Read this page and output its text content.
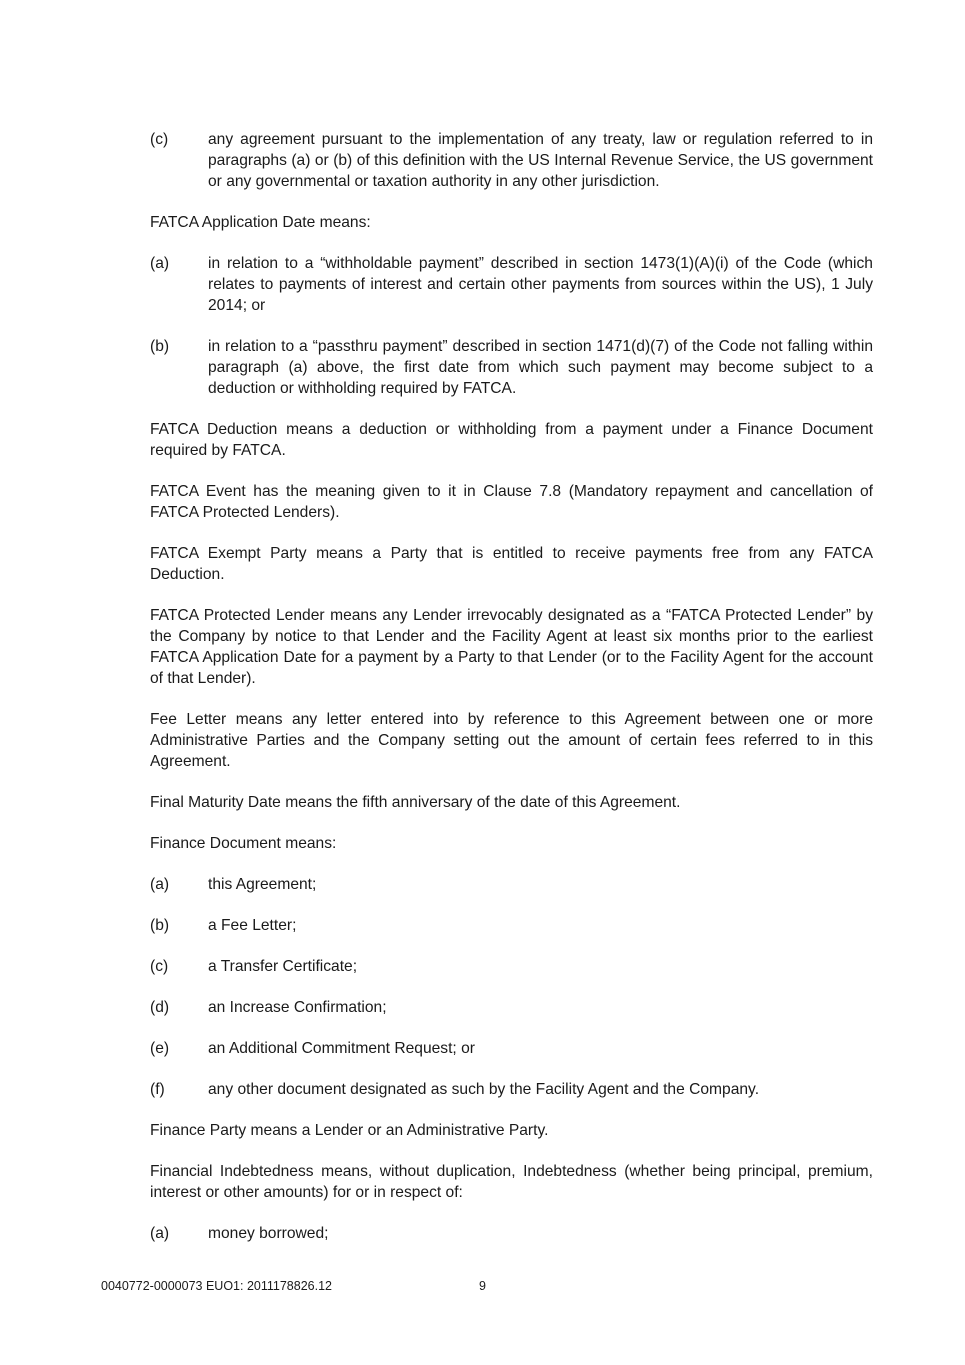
(c)	any agreement pursuant to the implementation of any treaty, law or regulation referred to in paragraphs (a) or (b) of this definition with the US Internal Revenue Service, the US government or any governmental or taxation authority in any other jurisdiction.

FATCA Application Date means:

(a) in relation to a “withholdable payment” described in section 1473(1)(A)(i) of the Code (which relates to payments of interest and certain other payments from sources within the US), 1 July 2014; or
(b) in relation to a “passthru payment” described in section 1471(d)(7) of the Code not falling within paragraph (a) above, the first date from which such payment may become subject to a deduction or withholding required by FATCA.

FATCA Deduction means a deduction or withholding from a payment under a Finance Document required by FATCA.

FATCA Event has the meaning given to it in Clause 7.8 (Mandatory repayment and cancellation of FATCA Protected Lenders).

FATCA Exempt Party means a Party that is entitled to receive payments free from any FATCA Deduction.

FATCA Protected Lender means any Lender irrevocably designated as a “FATCA Protected Lender” by the Company by notice to that Lender and the Facility Agent at least six months prior to the earliest FATCA Application Date for a payment by a Party to that Lender (or to the Facility Agent for the account of that Lender).

Fee Letter means any letter entered into by reference to this Agreement between one or more Administrative Parties and the Company setting out the amount of certain fees referred to in this Agreement.

Final Maturity Date means the fifth anniversary of the date of this Agreement.

Finance Document means:

(a) this Agreement;
(b) a Fee Letter;
(c)	a Transfer Certificate;
(d) an Increase Confirmation;
(e) an Additional Commitment Request; or
(f)	any other document designated as such by the Facility Agent and the Company.

Finance Party means a Lender or an Administrative Party.

Financial Indebtedness means, without duplication, Indebtedness (whether being principal, premium, interest or other amounts) for or in respect of:

(a) money borrowed;
0040772-0000073 EUO1: 2011178826.12	9
